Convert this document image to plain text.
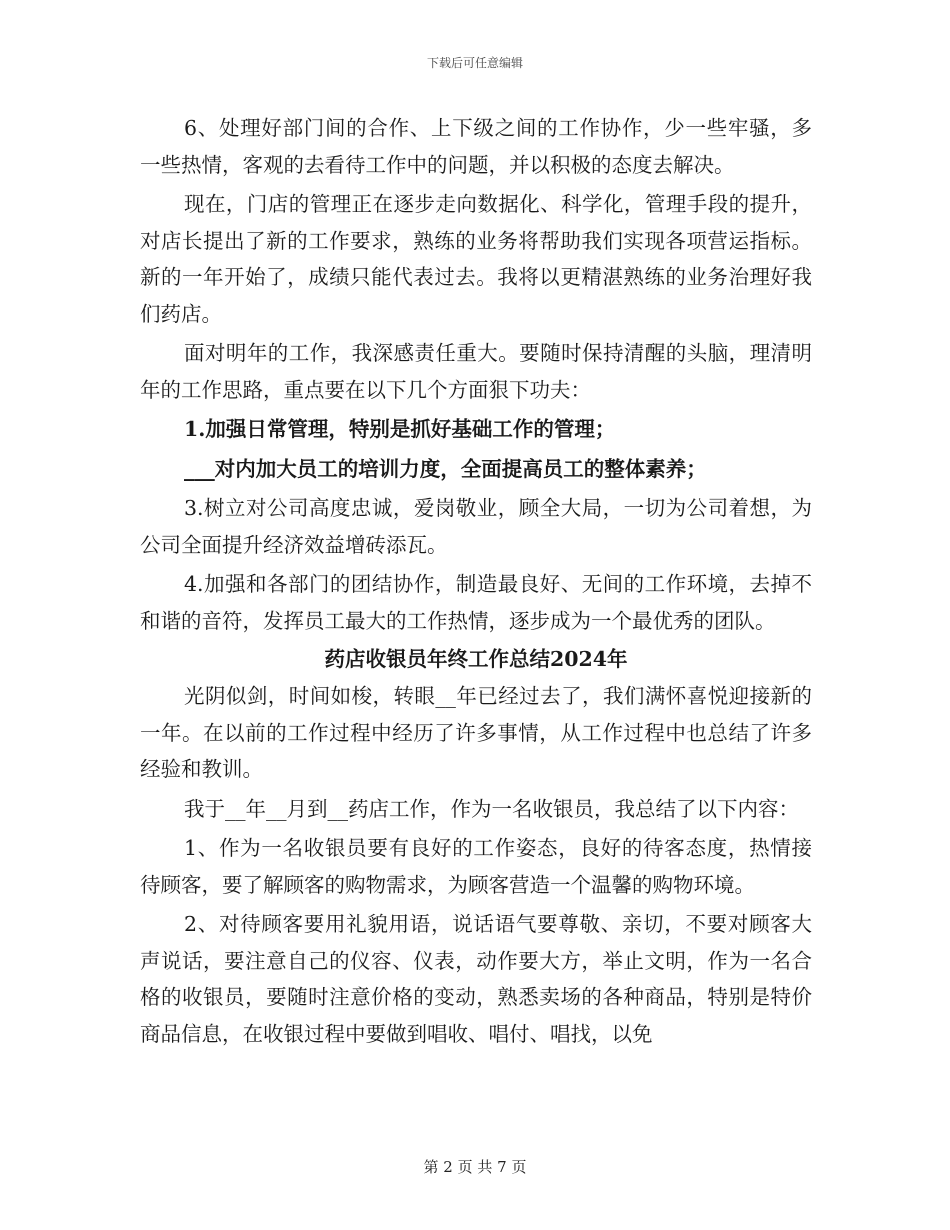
下载后可任意编辑

6、处理好部门间的合作、上下级之间的工作协作，少一些牢骚，多一些热情，客观的去看待工作中的问题，并以积极的态度去解决。

现在，门店的管理正在逐步走向数据化、科学化，管理手段的提升，对店长提出了新的工作要求，熟练的业务将帮助我们实现各项营运指标。新的一年开始了，成绩只能代表过去。我将以更精湛熟练的业务治理好我们药店。

面对明年的工作，我深感责任重大。要随时保持清醒的头脑，理清明年的工作思路，重点要在以下几个方面狠下功夫：

1.加强日常管理，特别是抓好基础工作的管理；

___对内加大员工的培训力度，全面提高员工的整体素养；

3.树立对公司高度忠诚，爱岗敬业，顾全大局，一切为公司着想，为公司全面提升经济效益增砖添瓦。

4.加强和各部门的团结协作，制造最良好、无间的工作环境，去掉不和谐的音符，发挥员工最大的工作热情，逐步成为一个最优秀的团队。

药店收银员年终工作总结2024年

光阴似剑，时间如梭，转眼__年已经过去了，我们满怀喜悦迎接新的一年。在以前的工作过程中经历了许多事情，从工作过程中也总结了许多经验和教训。

我于__年__月到__药店工作，作为一名收银员，我总结了以下内容：

1、作为一名收银员要有良好的工作姿态，良好的待客态度，热情接待顾客，要了解顾客的购物需求，为顾客营造一个温馨的购物环境。

2、对待顾客要用礼貌用语，说话语气要尊敬、亲切，不要对顾客大声说话，要注意自己的仪容、仪表，动作要大方，举止文明，作为一名合格的收银员，要随时注意价格的变动，熟悉卖场的各种商品，特别是特价商品信息，在收银过程中要做到唱收、唱付、唱找，以免

第 2 页 共 7 页
